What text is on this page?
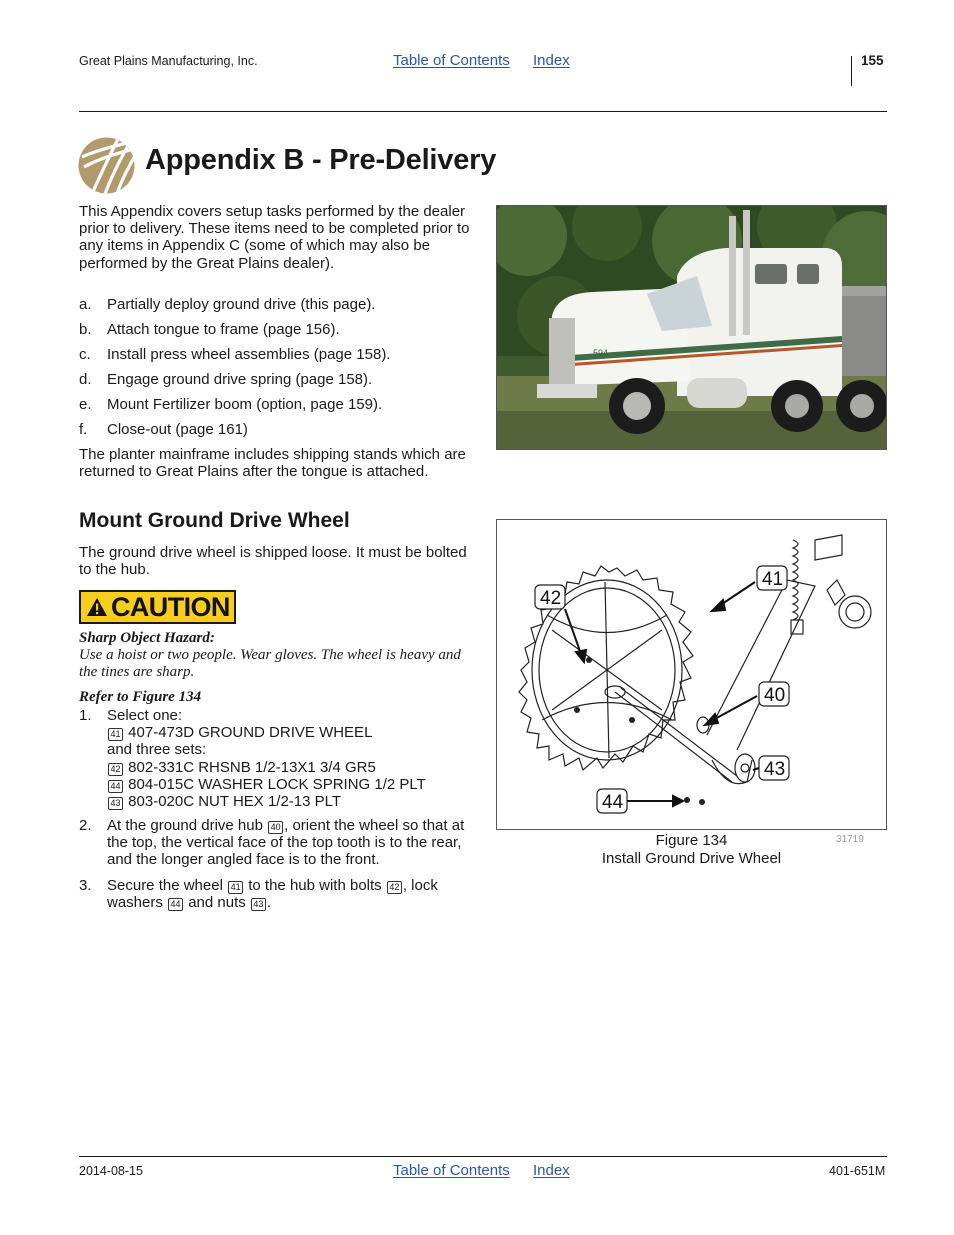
Great Plains Manufacturing, Inc.	Table of Contents Index	155
Appendix B - Pre-Delivery
This Appendix covers setup tasks performed by the dealer prior to delivery. These items need to be completed prior to any items in Appendix C (some of which may also be performed by the Great Plains dealer).
a. Partially deploy ground drive (this page).
b. Attach tongue to frame (page 156).
c. Install press wheel assemblies (page 158).
d. Engage ground drive spring (page 158).
e. Mount Fertilizer boom (option, page 159).
f. Close-out (page 161)
The planter mainframe includes shipping stands which are returned to Great Plains after the tongue is attached.
594
Mount Ground Drive Wheel
The ground drive wheel is shipped loose. It must be bolted to the hub.
CAUTION
Sharp Object Hazard:
Use a hoist or two people. Wear gloves. The wheel is heavy and the tines are sharp.
Refer to Figure 134
1. Select one:
41 407-473D GROUND DRIVE WHEEL
and three sets:
42 802-331C RHSNB 1/2-13X1 3/4 GR5
44 804-015C WASHER LOCK SPRING 1/2 PLT
43 803-020C NUT HEX 1/2-13 PLT
2. At the ground drive hub 40 , orient the wheel so that at the top, the vertical face of the top tooth is to the rear, and the longer angled face is to the front.
3. Secure the wheel 41 to the hub with bolts 42 , lock washers 44 and nuts 43 .
41
42
40
43
44
Figure 134
Install Ground Drive Wheel
31719
2014-08-15	Table of Contents Index	401-651M
